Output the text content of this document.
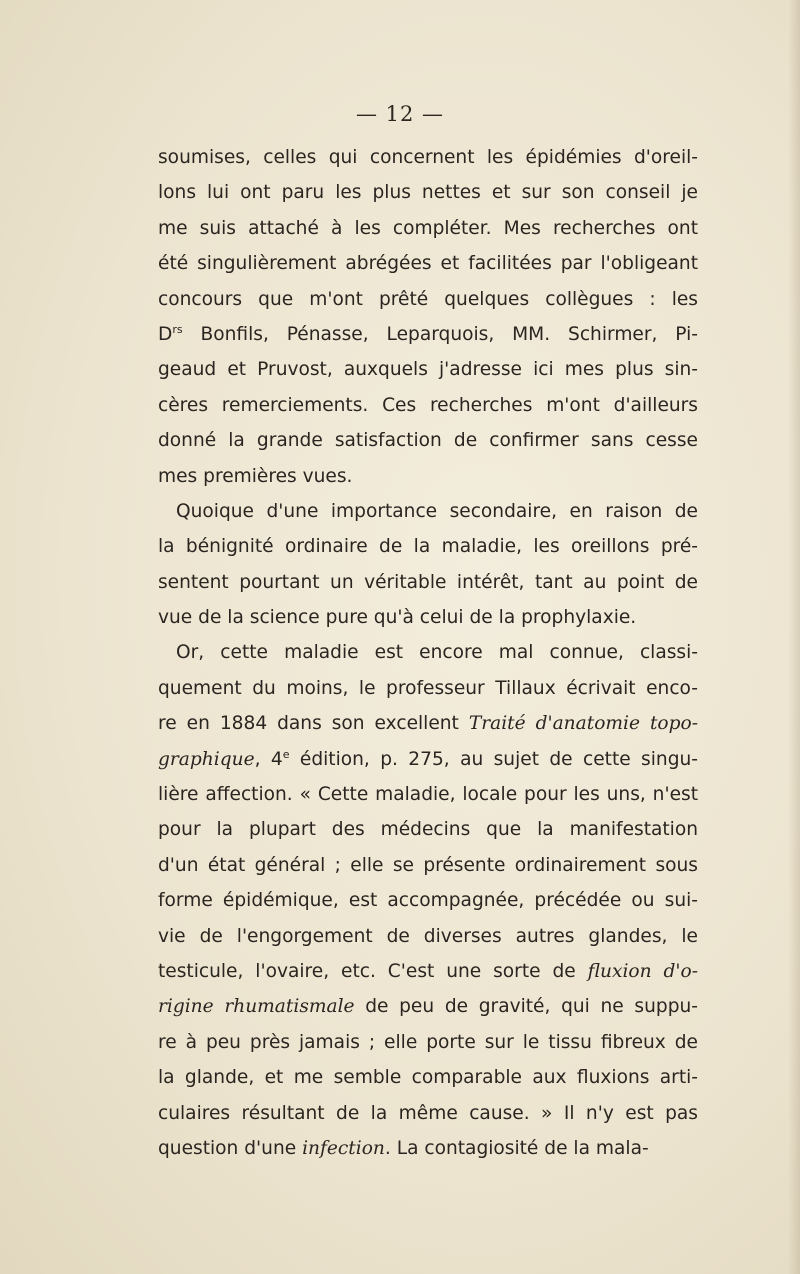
— 12 —
soumises, celles qui concernent les épidémies d'oreil-
lons lui ont paru les plus nettes et sur son conseil je
me suis attaché à les compléter. Mes recherches ont
été singulièrement abrégées et facilitées par l'obligeant
concours que m'ont prêté quelques collègues : les
$D^{rs}$ Bonfils, Pénasse, Leparquois, MM. Schirmer, Pi-
geaud et Pruvost, auxquels j'adresse ici mes plus sin-
cères remerciements. Ces recherches m'ont d'ailleurs
donné la grande satisfaction de confirmer sans cesse
mes premières vues.
Quoique d'une importance secondaire, en raison de
la bénignité ordinaire de la maladie, les oreillons pré-
sentent pourtant un véritable intérêt, tant au point de
vue de la science pure qu'à celui de la prophylaxie.
Or, cette maladie est encore mal connue, classi-
quement du moins, le professeur Tillaux écrivait enco-
re en 1884 dans son excellent Traité d'anatomie topo-
graphique, 4e édition, p. 275, au sujet de cette singu-
lière affection. « Cette maladie, locale pour les uns, n'est
pour la plupart des médecins que la manifestation
d'un état général ; elle se présente ordinairement sous
forme épidémique, est accompagnée, précédée ou sui-
vie de l'engorgement de diverses autres glandes, le
testicule, l'ovaire, etc. C'est une sorte de fluxion d'o-
rigine rhumatismale de peu de gravité, qui ne suppu-
re à peu près jamais ; elle porte sur le tissu fibreux de
la glande, et me semble comparable aux fluxions arti-
culaires résultant de la même cause. » Il n'y est pas
question d'une infection. La contagiosité de la mala-
